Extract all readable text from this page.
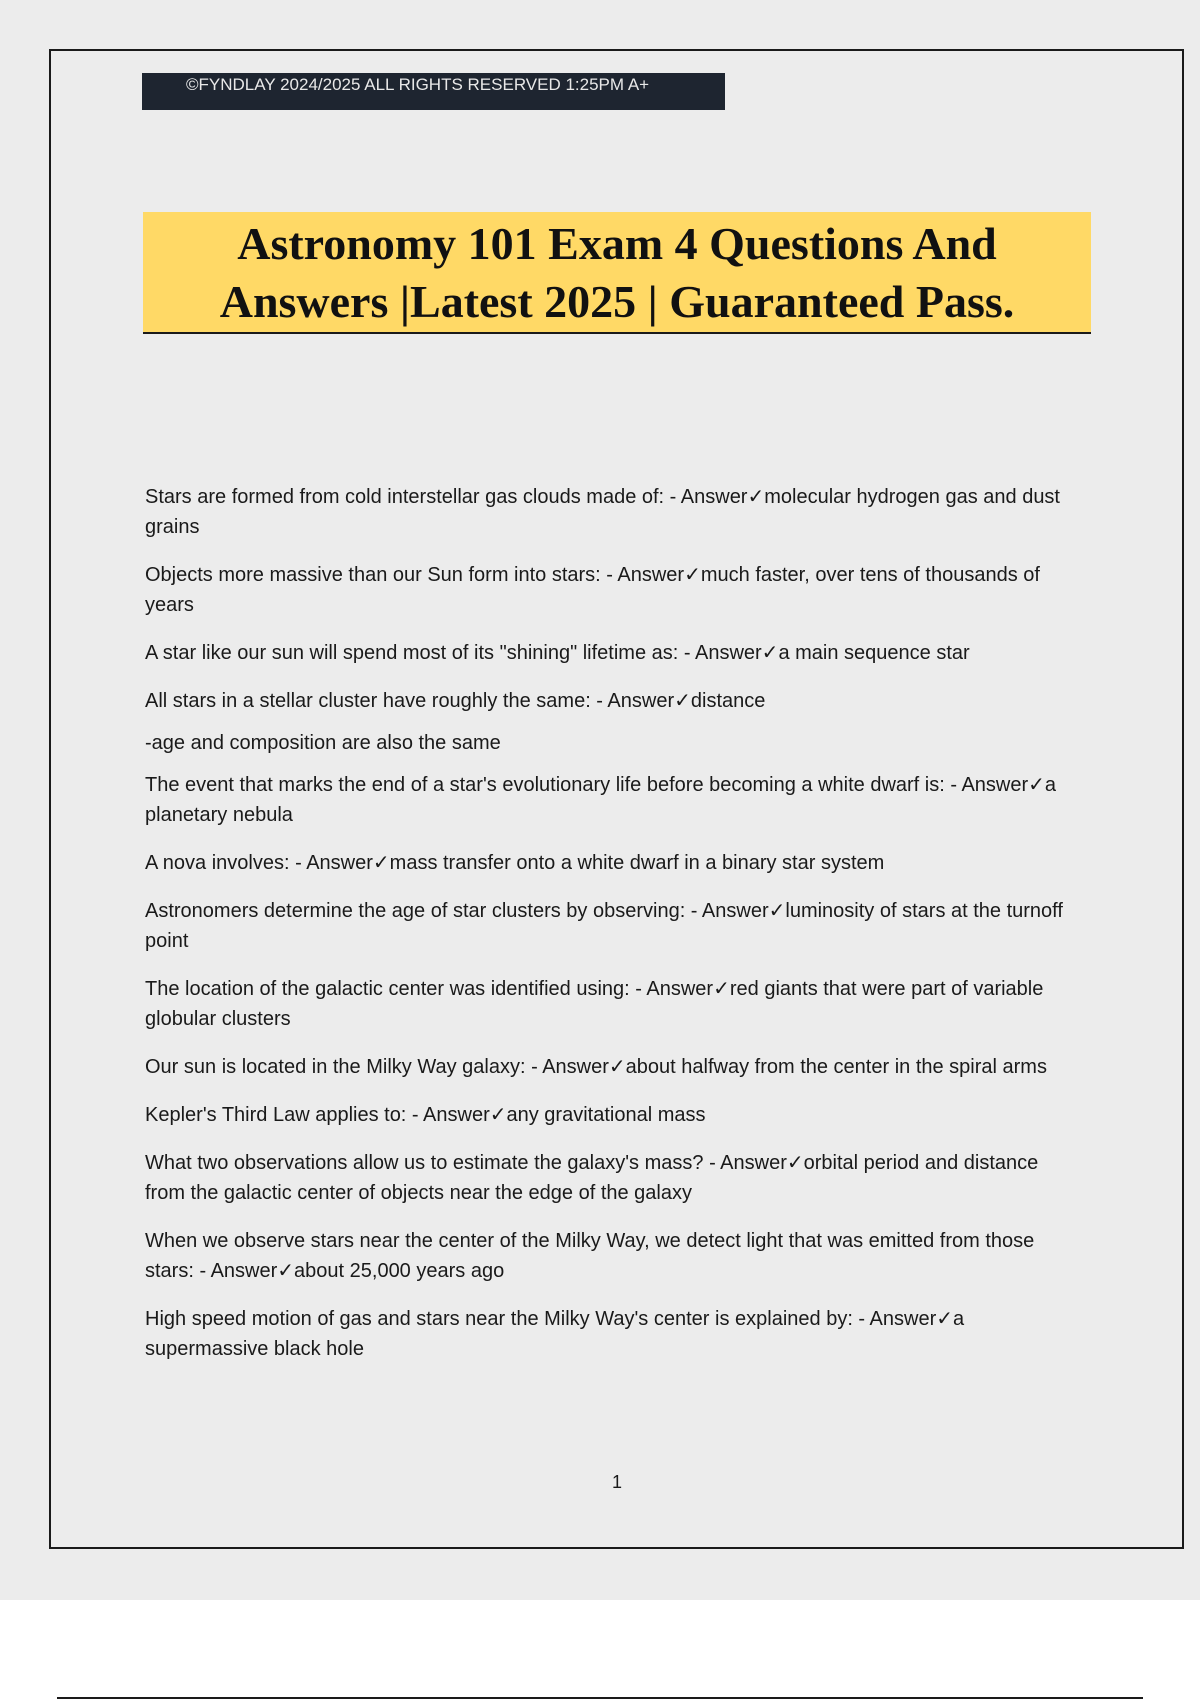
©FYNDLAY 2024/2025 ALL RIGHTS RESERVED 1:25PM A+
Astronomy 101 Exam 4 Questions And
Answers |Latest 2025 | Guaranteed Pass.
Stars are formed from cold interstellar gas clouds made of: - Answer✓molecular hydrogen gas and dust grains
Objects more massive than our Sun form into stars: - Answer✓much faster, over tens of thousands of years
A star like our sun will spend most of its "shining" lifetime as: - Answer✓a main sequence star
All stars in a stellar cluster have roughly the same: - Answer✓distance
-age and composition are also the same
The event that marks the end of a star's evolutionary life before becoming a white dwarf is: - Answer✓a planetary nebula
A nova involves: - Answer✓mass transfer onto a white dwarf in a binary star system
Astronomers determine the age of star clusters by observing: - Answer✓luminosity of stars at the turnoff point
The location of the galactic center was identified using: - Answer✓red giants that were part of variable globular clusters
Our sun is located in the Milky Way galaxy: - Answer✓about halfway from the center in the spiral arms
Kepler's Third Law applies to: - Answer✓any gravitational mass
What two observations allow us to estimate the galaxy's mass? - Answer✓orbital period and distance from the galactic center of objects near the edge of the galaxy
When we observe stars near the center of the Milky Way, we detect light that was emitted from those stars: - Answer✓about 25,000 years ago
High speed motion of gas and stars near the Milky Way's center is explained by: - Answer✓a supermassive black hole
1
